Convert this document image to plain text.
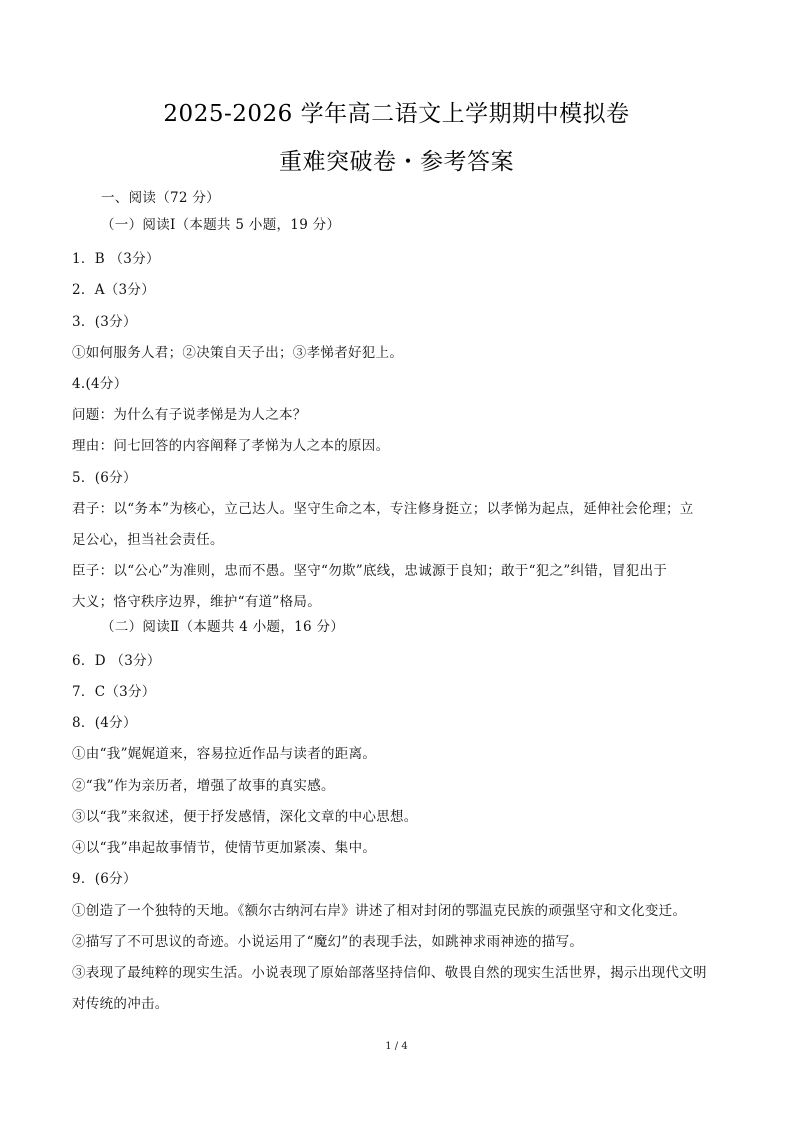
2025-2026 学年高二语文上学期期中模拟卷
重难突破卷・参考答案
一、阅读（72 分）
（一）阅读Ⅰ（本题共 5 小题，19 分）
1．B （3分）
2．A（3分）
3．(3分）
①如何服务人君；②决策自天子出；③孝悌者好犯上。
4.(4分）
问题：为什么有子说孝悌是为人之本？
理由：问七回答的内容阐释了孝悌为人之本的原因。
5．(6分）
君子：以“务本”为核心，立己达人。坚守生命之本，专注修身挺立；以孝悌为起点，延伸社会伦理；立
足公心，担当社会责任。
臣子：以“公心”为准则，忠而不愚。坚守“勿欺”底线，忠诚源于良知；敢于“犯之”纠错，冒犯出于
大义；恪守秩序边界，维护“有道”格局。
（二）阅读Ⅱ（本题共 4 小题，16 分）
6．D （3分）
7．C（3分）
8．(4分）
①由“我”娓娓道来，容易拉近作品与读者的距离。
②“我”作为亲历者，增强了故事的真实感。
③以“我”来叙述，便于抒发感情，深化文章的中心思想。
④以“我”串起故事情节，使情节更加紧凑、集中。
9．(6分）
①创造了一个独特的天地。《额尔古纳河右岸》讲述了相对封闭的鄂温克民族的顽强坚守和文化变迁。
②描写了不可思议的奇迹。小说运用了“魔幻”的表现手法，如跳神求雨神迹的描写。
③表现了最纯粹的现实生活。小说表现了原始部落坚持信仰、敬畏自然的现实生活世界，揭示出现代文明
对传统的冲击。
1 / 4
